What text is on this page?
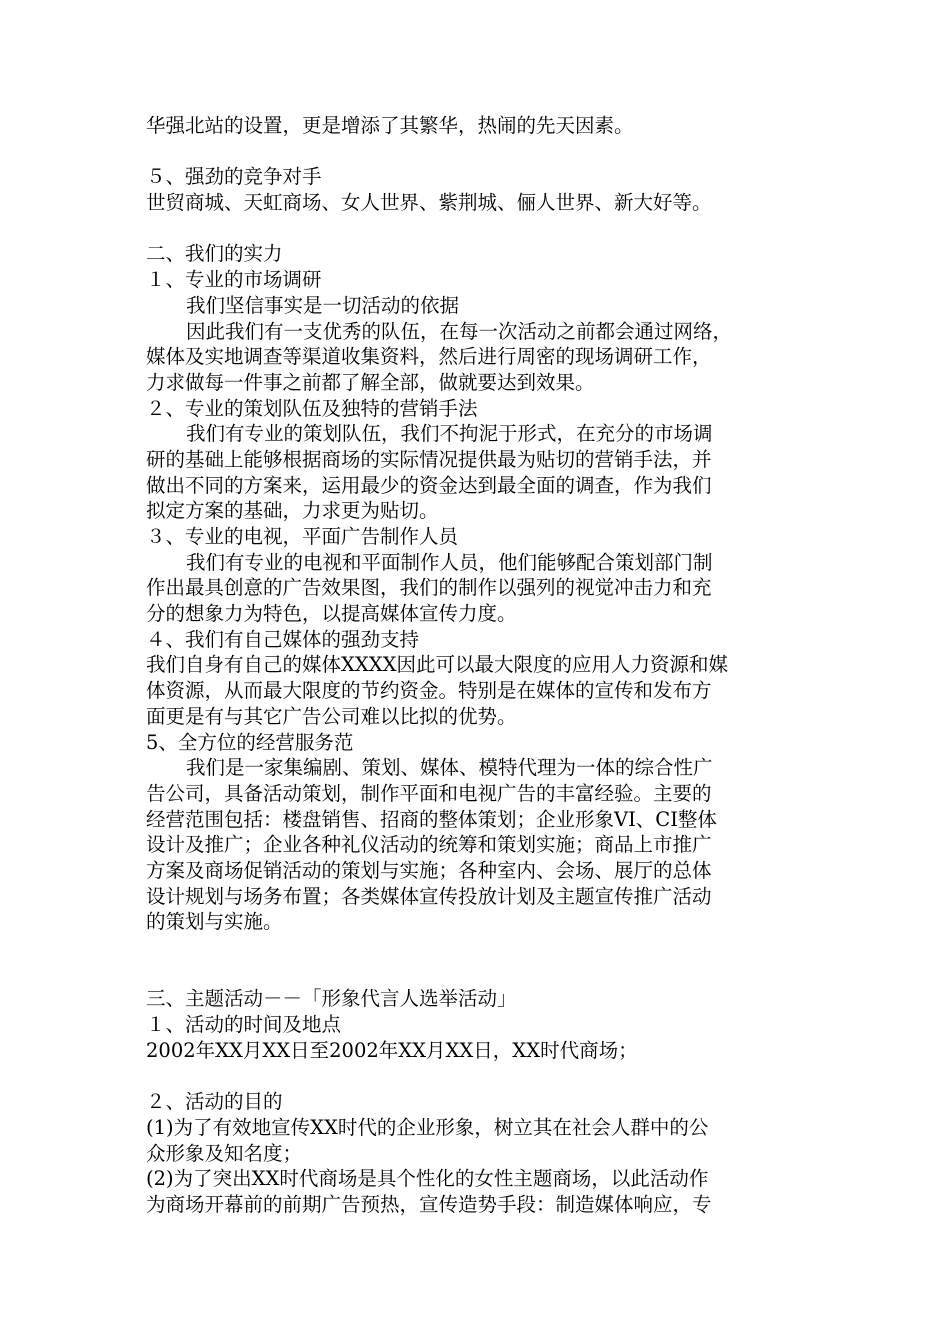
华强北站的设置，更是增添了其繁华，热闹的先天因素。
５、强劲的竞争对手
世贸商城、天虹商场、女人世界、紫荆城、俪人世界、新大好等。
二、我们的实力
１、专业的市场调研
我们坚信事实是一切活动的依据
因此我们有一支优秀的队伍，在每一次活动之前都会通过网络，
媒体及实地调查等渠道收集资料，然后进行周密的现场调研工作，
力求做每一件事之前都了解全部，做就要达到效果。
２、专业的策划队伍及独特的营销手法
我们有专业的策划队伍，我们不拘泥于形式，在充分的市场调
研的基础上能够根据商场的实际情况提供最为贴切的营销手法，并
做出不同的方案来，运用最少的资金达到最全面的调查，作为我们
拟定方案的基础，力求更为贴切。
３、专业的电视，平面广告制作人员
我们有专业的电视和平面制作人员，他们能够配合策划部门制
作出最具创意的广告效果图，我们的制作以强列的视觉冲击力和充
分的想象力为特色，以提高媒体宣传力度。
４、我们有自己媒体的强劲支持
我们自身有自己的媒体XXXX因此可以最大限度的应用人力资源和媒
体资源，从而最大限度的节约资金。特别是在媒体的宣传和发布方
面更是有与其它广告公司难以比拟的优势。
5、全方位的经营服务范
我们是一家集编剧、策划、媒体、模特代理为一体的综合性广
告公司，具备活动策划，制作平面和电视广告的丰富经验。主要的
经营范围包括：楼盘销售、招商的整体策划；企业形象VI、CI整体
设计及推广；企业各种礼仪活动的统筹和策划实施；商品上市推广
方案及商场促销活动的策划与实施；各种室内、会场、展厅的总体
设计规划与场务布置；各类媒体宣传投放计划及主题宣传推广活动
的策划与实施。
三、主题活动－－「形象代言人选举活动」
１、活动的时间及地点
2002年XX月XX日至2002年XX月XX日，XX时代商场；
２、活动的目的
(1)为了有效地宣传XX时代的企业形象，树立其在社会人群中的公
众形象及知名度；
(2)为了突出XX时代商场是具个性化的女性主题商场，以此活动作
为商场开幕前的前期广告预热，宣传造势手段：制造媒体响应，专
